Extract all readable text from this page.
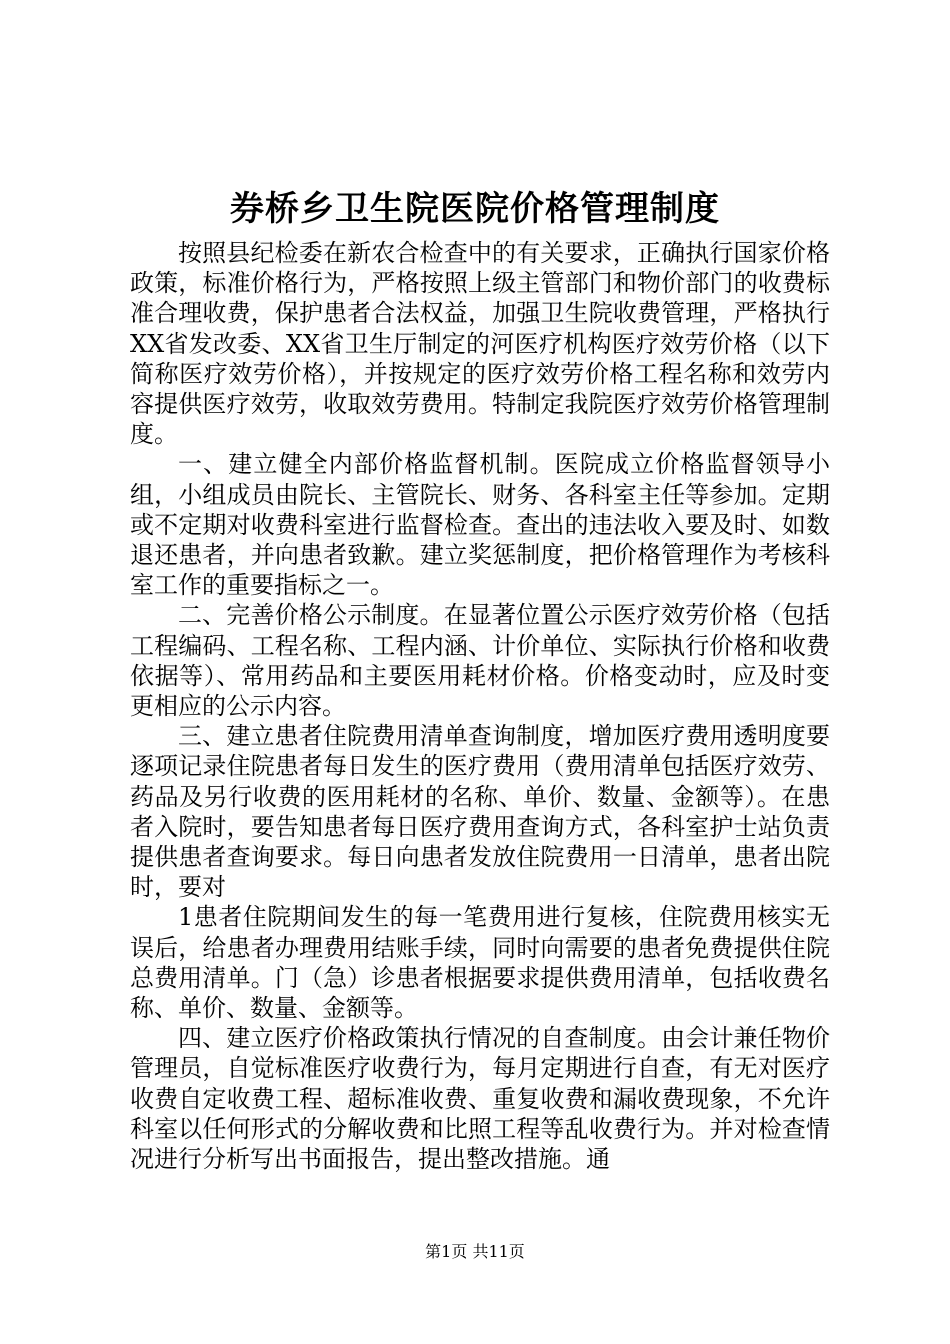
券桥乡卫生院医院价格管理制度

按照县纪检委在新农合检查中的有关要求，正确执行国家价格政策，标准价格行为，严格按照上级主管部门和物价部门的收费标准合理收费，保护患者合法权益，加强卫生院收费管理，严格执行XX省发改委、XX省卫生厅制定的河医疗机构医疗效劳价格（以下简称医疗效劳价格），并按规定的医疗效劳价格工程名称和效劳内容提供医疗效劳，收取效劳费用。特制定我院医疗效劳价格管理制度。

一、建立健全内部价格监督机制。医院成立价格监督领导小组，小组成员由院长、主管院长、财务、各科室主任等参加。定期或不定期对收费科室进行监督检查。查出的违法收入要及时、如数退还患者，并向患者致歉。建立奖惩制度，把价格管理作为考核科室工作的重要指标之一。

二、完善价格公示制度。在显著位置公示医疗效劳价格（包括工程编码、工程名称、工程内涵、计价单位、实际执行价格和收费依据等）、常用药品和主要医用耗材价格。价格变动时，应及时变更相应的公示内容。

三、建立患者住院费用清单查询制度，增加医疗费用透明度要逐项记录住院患者每日发生的医疗费用（费用清单包括医疗效劳、药品及另行收费的医用耗材的名称、单价、数量、金额等）。在患者入院时，要告知患者每日医疗费用查询方式，各科室护士站负责提供患者查询要求。每日向患者发放住院费用一日清单，患者出院时，要对

1患者住院期间发生的每一笔费用进行复核，住院费用核实无误后，给患者办理费用结账手续，同时向需要的患者免费提供住院总费用清单。门（急）诊患者根据要求提供费用清单，包括收费名称、单价、数量、金额等。

四、建立医疗价格政策执行情况的自查制度。由会计兼任物价管理员，自觉标准医疗收费行为，每月定期进行自查，有无对医疗收费自定收费工程、超标准收费、重复收费和漏收费现象，不允许科室以任何形式的分解收费和比照工程等乱收费行为。并对检查情况进行分析写出书面报告，提出整改措施。通

第1页 共11页
